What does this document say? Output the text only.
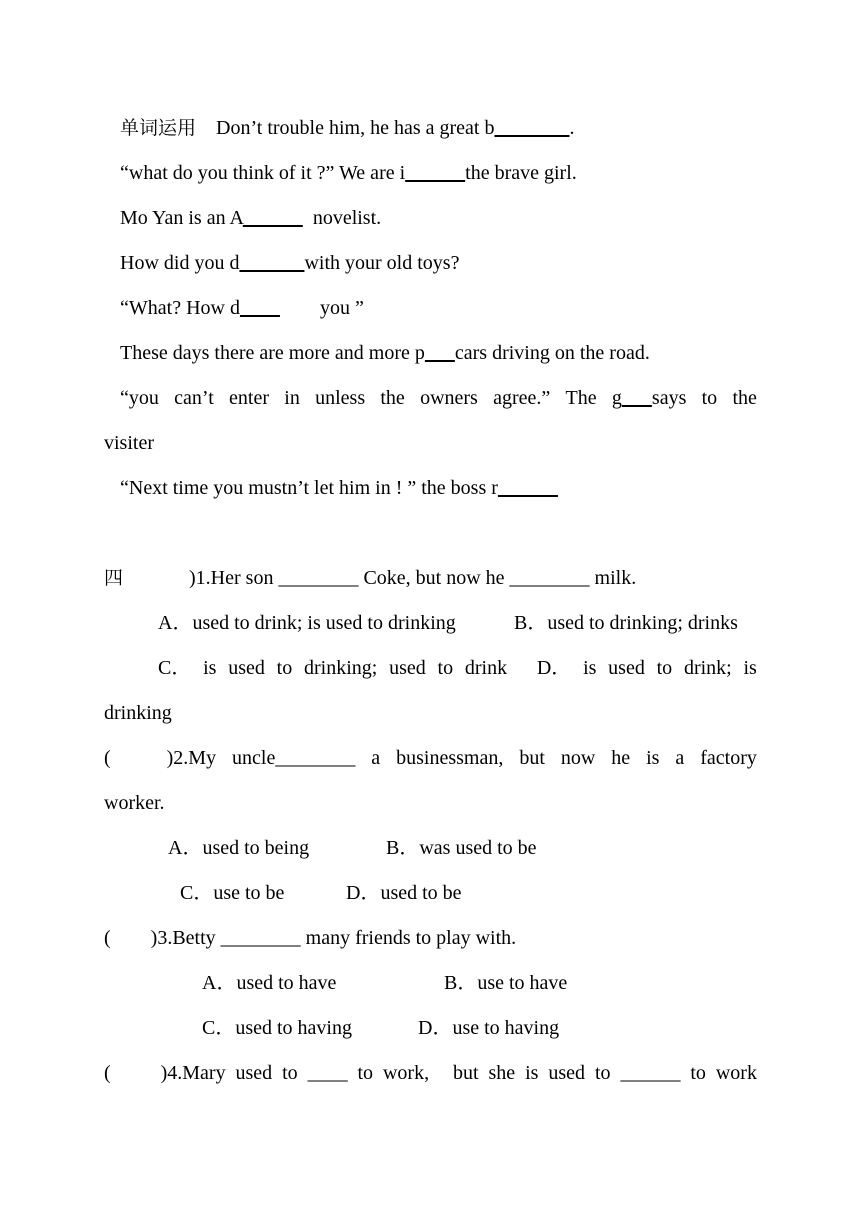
单词运用 Don’t trouble him, he has a great b	.
“what do you think of it ?” We are i	the brave girl.
Mo Yan is an A	novelist.
How did you d	with your old toys?
“What? How d                you ”
These days there are more and more p cars driving on the road.
“you can’t enter in unless the owners agree.” The g says to the
visiter
“Next time you mustn’t let him in ! ” the boss r
四	)1.Her son ________ Coke, but now he ________ milk.
A．used to drink; is used to drinking	B．used to drinking; drinks
C． is used to drinking; used to drink D． is used to drink; is
drinking
(	)2.My uncle________ a businessman, but now he is a factory
worker.
A．used to being	B．was used to be
C．use to be	D．used to be
(        )3.Betty ________ many friends to play with.
A．used to have	B．use to have
C．used to having	D．use to having
( )4.Mary used to ____ to work, but she is used to ______ to work
